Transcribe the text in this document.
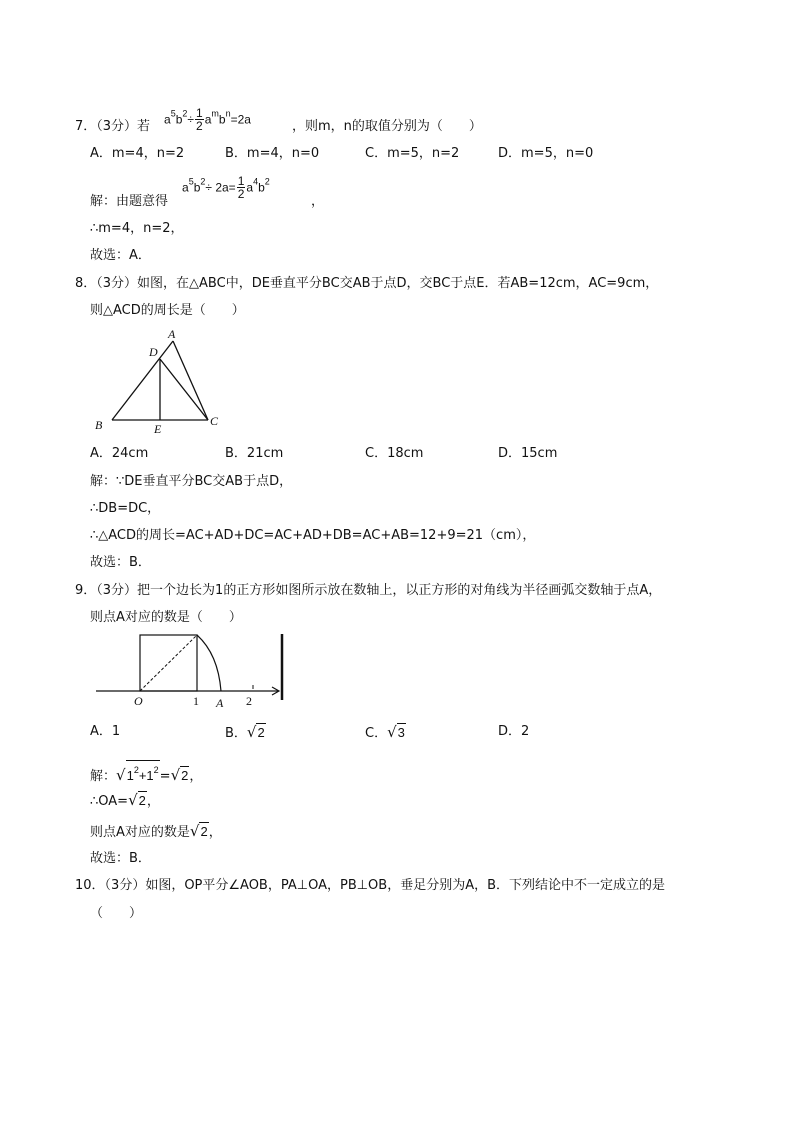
7．（3分）若 $a^5b^2\div \frac{1}{2} a^mb^n=2a$	，则m，n的取值分别为（　　）
A．m=4，n=2	B．m=4，n=0	C．m=5，n=2	D．m=5，n=0
解：由题意得
$a^5b^2\div 2a= \frac{1}{2} a^4b^2$
，
∴m=4，n=2，
故选：A．
8．（3分）如图，在△ABC中，DE垂直平分BC交AB于点D，交BC于点E．若AB=12cm，AC=9cm，
则△ACD的周长是（　　）
A
D
B	C
E
A．24cm	B．21cm	C．18cm	D．15cm
解：∵DE垂直平分BC交AB于点D，
∴DB=DC，
∴△ACD的周长=AC+AD+DC=AC+AD+DB=AC+AB=12+9=21（cm），
故选：B．
9．（3分）把一个边长为1的正方形如图所示放在数轴上，以正方形的对角线为半径画弧交数轴于点A，
则点A对应的数是（　　）
O	1 A 2
A．1	B．√2	C．√3	D．2
解：$√1^2+1^2=√2$，
∴OA=√2，
则点A对应的数是√2，
故选：B．
10．（3分）如图，OP平分∠AOB，PA⊥OA，PB⊥OB，垂足分别为A，B．下列结论中不一定成立的是
（　　）
